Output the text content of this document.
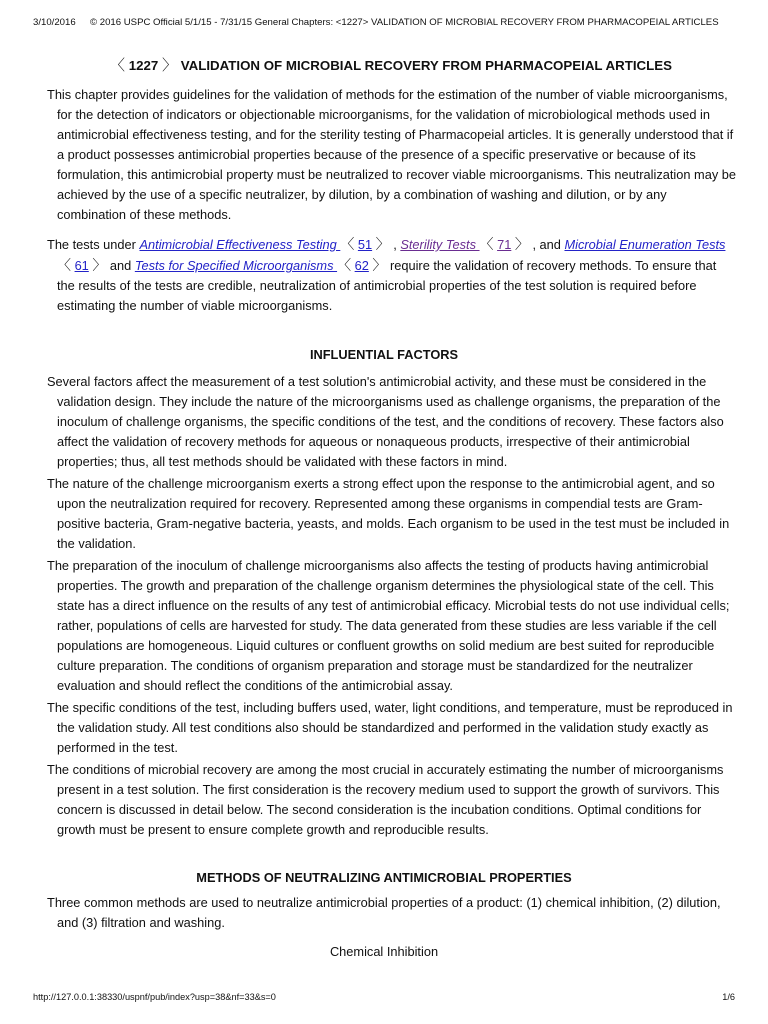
3/10/2016 © 2016 USPC Official 5/1/15 - 7/31/15 General Chapters: <1227> VALIDATION OF MICROBIAL RECOVERY FROM PHARMACOPEIAL ARTICLES
〈 1227 〉 VALIDATION OF MICROBIAL RECOVERY FROM PHARMACOPEIAL ARTICLES

This chapter provides guidelines for the validation of methods for the estimation of the number of viable microorganisms, for the detection of indicators or objectionable microorganisms, for the validation of microbiological methods used in antimicrobial effectiveness testing, and for the sterility testing of Pharmacopeial articles. It is generally understood that if a product possesses antimicrobial properties because of the presence of a specific preservative or because of its formulation, this antimicrobial property must be neutralized to recover viable microorganisms. This neutralization may be achieved by the use of a specific neutralizer, by dilution, by a combination of washing and dilution, or by any combination of these methods.

The tests under Antimicrobial Effectiveness Testing 〈 51 〉 , Sterility Tests 〈 71 〉 , and Microbial Enumeration Tests 〈 61 〉 and Tests for Specified Microorganisms 〈 62 〉 require the validation of recovery methods. To ensure that the results of the tests are credible, neutralization of antimicrobial properties of the test solution is required before estimating the number of viable microorganisms.

INFLUENTIAL FACTORS

Several factors affect the measurement of a test solution's antimicrobial activity, and these must be considered in the validation design. They include the nature of the microorganisms used as challenge organisms, the preparation of the inoculum of challenge organisms, the specific conditions of the test, and the conditions of recovery. These factors also affect the validation of recovery methods for aqueous or nonaqueous products, irrespective of their antimicrobial properties; thus, all test methods should be validated with these factors in mind.

The nature of the challenge microorganism exerts a strong effect upon the response to the antimicrobial agent, and so upon the neutralization required for recovery. Represented among these organisms in compendial tests are Gram-positive bacteria, Gram-negative bacteria, yeasts, and molds. Each organism to be used in the test must be included in the validation.

The preparation of the inoculum of challenge microorganisms also affects the testing of products having antimicrobial properties. The growth and preparation of the challenge organism determines the physiological state of the cell. This state has a direct influence on the results of any test of antimicrobial efficacy. Microbial tests do not use individual cells; rather, populations of cells are harvested for study. The data generated from these studies are less variable if the cell populations are homogeneous. Liquid cultures or confluent growths on solid medium are best suited for reproducible culture preparation. The conditions of organism preparation and storage must be standardized for the neutralizer evaluation and should reflect the conditions of the antimicrobial assay.

The specific conditions of the test, including buffers used, water, light conditions, and temperature, must be reproduced in the validation study. All test conditions also should be standardized and performed in the validation study exactly as performed in the test.

The conditions of microbial recovery are among the most crucial in accurately estimating the number of microorganisms present in a test solution. The first consideration is the recovery medium used to support the growth of survivors. This concern is discussed in detail below. The second consideration is the incubation conditions. Optimal conditions for growth must be present to ensure complete growth and reproducible results.

METHODS OF NEUTRALIZING ANTIMICROBIAL PROPERTIES

Three common methods are used to neutralize antimicrobial properties of a product: (1) chemical inhibition, (2) dilution, and (3) filtration and washing.

Chemical Inhibition
http://127.0.0.1:38330/uspnf/pub/index?usp=38&nf=33&s=0	1/6
